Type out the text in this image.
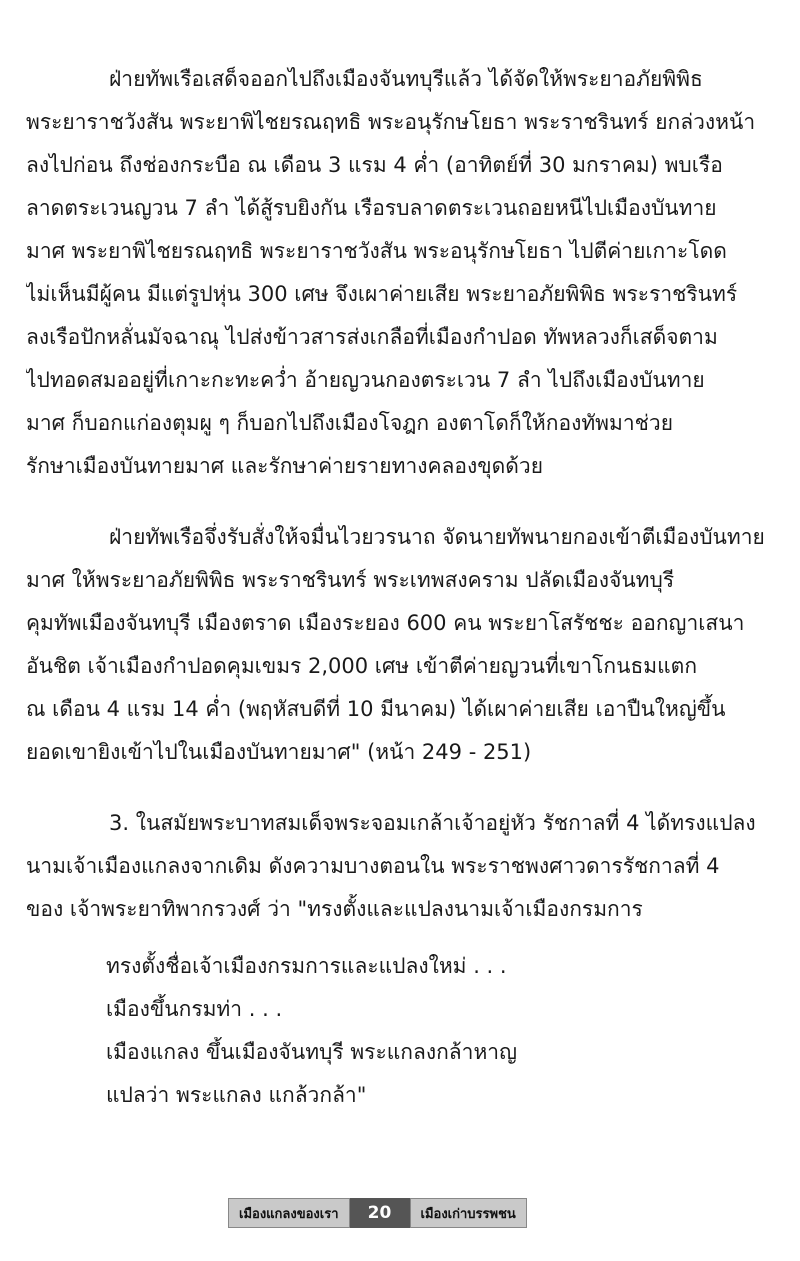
ฝ่ายทัพเรือเสด็จออกไปถึงเมืองจันทบุรีแล้ว ได้จัดให้พระยาอภัยพิพิธ
พระยาราชวังสัน พระยาพิไชยรณฤทธิ พระอนุรักษโยธา พระราชรินทร์ ยกล่วงหน้า
ลงไปก่อน ถึงช่องกระบือ ณ เดือน 3 แรม 4 ค่ำ (อาทิตย์ที่ 30 มกราคม) พบเรือ
ลาดตระเวนญวน 7 ลำ ได้สู้รบยิงกัน เรือรบลาดตระเวนถอยหนีไปเมืองบันทาย
มาศ พระยาพิไชยรณฤทธิ พระยาราชวังสัน พระอนุรักษโยธา ไปตีค่ายเกาะโดด
ไม่เห็นมีผู้คน มีแต่รูปหุ่น 300 เศษ จึงเผาค่ายเสีย พระยาอภัยพิพิธ พระราชรินทร์
ลงเรือปักหลั่นมัจฉาณุ ไปส่งข้าวสารส่งเกลือที่เมืองกำปอด ทัพหลวงก็เสด็จตาม
ไปทอดสมออยู่ที่เกาะกะทะคว่ำ อ้ายญวนกองตระเวน 7 ลำ ไปถึงเมืองบันทาย
มาศ ก็บอกแก่องตุมผู ๆ ก็บอกไปถึงเมืองโจฎก องตาโดก็ให้กองทัพมาช่วย
รักษาเมืองบันทายมาศ และรักษาค่ายรายทางคลองขุดด้วย
ฝ่ายทัพเรือจึ่งรับสั่งให้จมื่นไวยวรนาถ จัดนายทัพนายกองเข้าตีเมืองบันทาย
มาศ ให้พระยาอภัยพิพิธ พระราชรินทร์ พระเทพสงคราม ปลัดเมืองจันทบุรี
คุมทัพเมืองจันทบุรี เมืองตราด เมืองระยอง 600 คน พระยาโสรัชชะ ออกญาเสนา
อันชิต เจ้าเมืองกำปอดคุมเขมร 2,000 เศษ เข้าตีค่ายญวนที่เขาโกนธมแตก
ณ เดือน 4 แรม 14 ค่ำ (พฤหัสบดีที่ 10 มีนาคม) ได้เผาค่ายเสีย เอาปืนใหญ่ขึ้น
ยอดเขายิงเข้าไปในเมืองบันทายมาศ" (หน้า 249 - 251)
3. ในสมัยพระบาทสมเด็จพระจอมเกล้าเจ้าอยู่หัว รัชกาลที่ 4 ได้ทรงแปลง
นามเจ้าเมืองแกลงจากเดิม ดังความบางตอนใน พระราชพงศาวดารรัชกาลที่ 4
ของ เจ้าพระยาทิพากรวงศ์ ว่า "ทรงตั้งและแปลงนามเจ้าเมืองกรมการ
ทรงตั้งชื่อเจ้าเมืองกรมการและแปลงใหม่ . . .
เมืองขึ้นกรมท่า . . .
เมืองแกลง ขึ้นเมืองจันทบุรี พระแกลงกล้าหาญ
แปลว่า พระแกลง แกล้วกล้า"
เมืองแกลงของเรา	20	เมืองเก่าบรรพชน
